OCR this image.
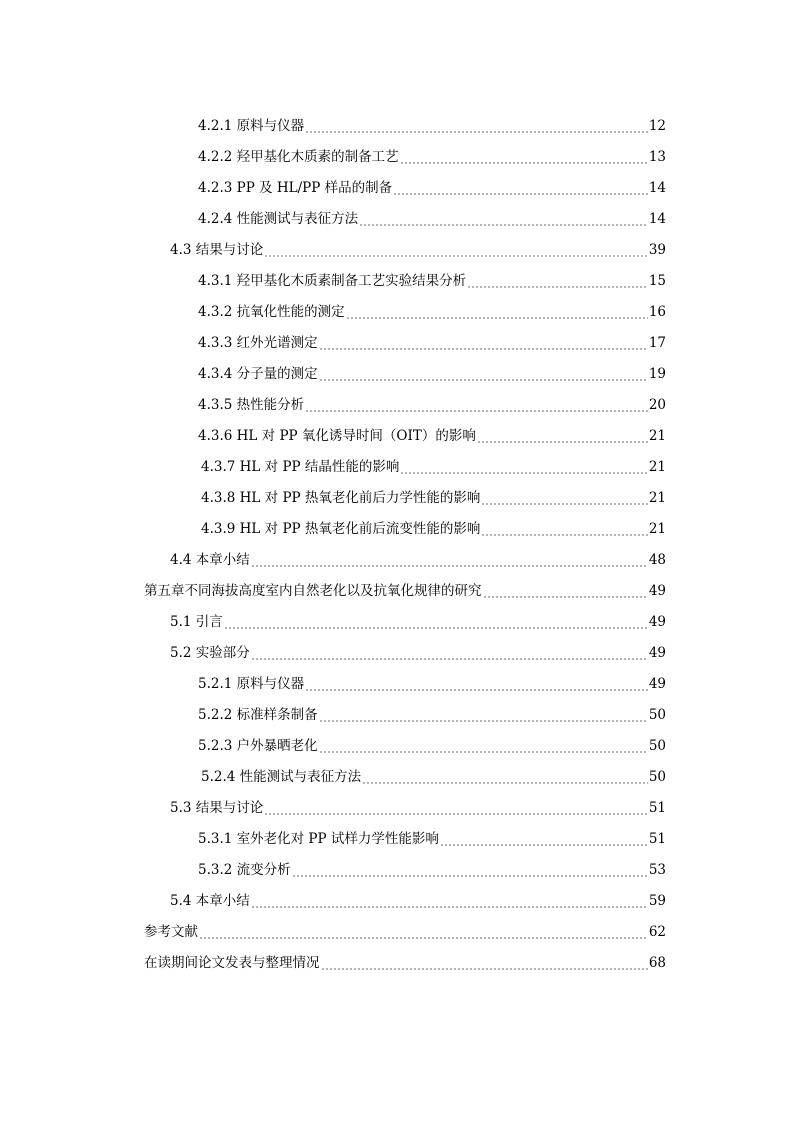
4.2.1 原料与仪器	12
4.2.2 羟甲基化木质素的制备工艺	13
4.2.3 PP 及 HL/PP 样品的制备	14
4.2.4 性能测试与表征方法	14
4.3 结果与讨论	39
4.3.1 羟甲基化木质素制备工艺实验结果分析	15
4.3.2 抗氧化性能的测定	16
4.3.3 红外光谱测定	17
4.3.4 分子量的测定	19
4.3.5 热性能分析	20
4.3.6 HL 对 PP 氧化诱导时间（OIT）的影响	21
4.3.7 HL 对 PP 结晶性能的影响	21
4.3.8 HL 对 PP 热氧老化前后力学性能的影响	21
4.3.9 HL 对 PP 热氧老化前后流变性能的影响	21
4.4 本章小结	48
第五章不同海拔高度室内自然老化以及抗氧化规律的研究	49
5.1 引言	49
5.2 实验部分	49
5.2.1 原料与仪器	49
5.2.2 标准样条制备	50
5.2.3 户外暴晒老化	50
5.2.4 性能测试与表征方法	50
5.3 结果与讨论	51
5.3.1 室外老化对 PP 试样力学性能影响	51
5.3.2 流变分析	53
5.4 本章小结	59
参考文献	62
在读期间论文发表与整理情况	68
